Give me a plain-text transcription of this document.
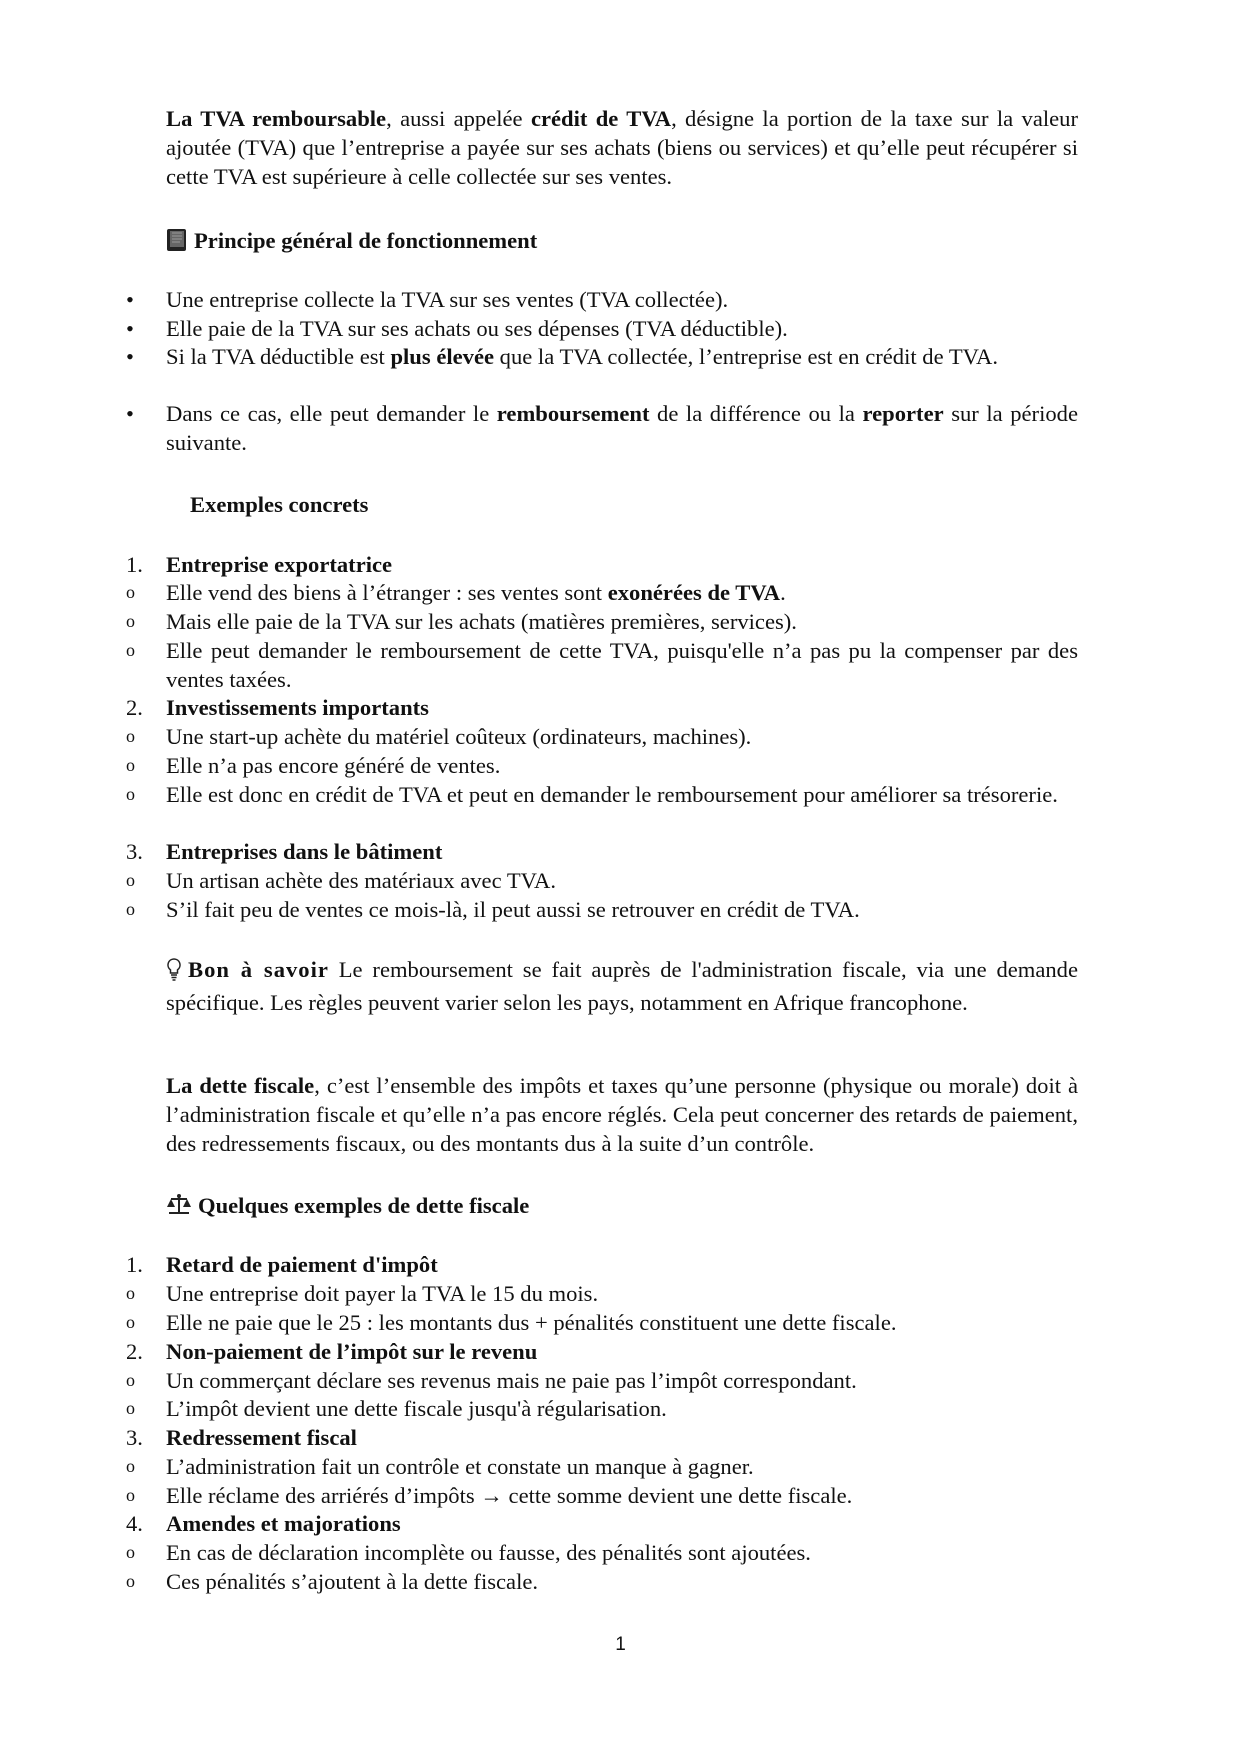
La TVA remboursable, aussi appelée crédit de TVA, désigne la portion de la taxe sur la valeur ajoutée (TVA) que l’entreprise a payée sur ses achats (biens ou services) et qu’elle peut récupérer si cette TVA est supérieure à celle collectée sur ses ventes.

Principe général de fonctionnement

•	Une entreprise collecte la TVA sur ses ventes (TVA collectée).

•	Elle paie de la TVA sur ses achats ou ses dépenses (TVA déductible).

•	Si la TVA déductible est plus élevée que la TVA collectée, l’entreprise est en crédit de TVA.

•	Dans ce cas, elle peut demander le remboursement de la différence ou la reporter sur la période suivante.

Exemples concrets

1.	Entreprise exportatrice

o	Elle vend des biens à l’étranger : ses ventes sont exonérées de TVA.

o	Mais elle paie de la TVA sur les achats (matières premières, services).

o	Elle peut demander le remboursement de cette TVA, puisqu'elle n’a pas pu la compenser par des ventes taxées.

2.	Investissements importants

o	Une start-up achète du matériel coûteux (ordinateurs, machines).

o	Elle n’a pas encore généré de ventes.

o	Elle est donc en crédit de TVA et peut en demander le remboursement pour améliorer sa trésorerie.

3.	Entreprises dans le bâtiment

o	Un artisan achète des matériaux avec TVA.

o	S’il fait peu de ventes ce mois-là, il peut aussi se retrouver en crédit de TVA.

Bon à savoir Le remboursement se fait auprès de l'administration fiscale, via une demande spécifique. Les règles peuvent varier selon les pays, notamment en Afrique francophone.

La dette fiscale, c’est l’ensemble des impôts et taxes qu’une personne (physique ou morale) doit à l’administration fiscale et qu’elle n’a pas encore réglés. Cela peut concerner des retards de paiement, des redressements fiscaux, ou des montants dus à la suite d’un contrôle.

Quelques exemples de dette fiscale

1.	Retard de paiement d'impôt

o	Une entreprise doit payer la TVA le 15 du mois.

o	Elle ne paie que le 25 : les montants dus + pénalités constituent une dette fiscale.

2.	Non-paiement de l’impôt sur le revenu

o	Un commerçant déclare ses revenus mais ne paie pas l’impôt correspondant.

o	L’impôt devient une dette fiscale jusqu'à régularisation.

3.	Redressement fiscal

o	L’administration fait un contrôle et constate un manque à gagner.

o	Elle réclame des arriérés d’impôts → cette somme devient une dette fiscale.

4.	Amendes et majorations

o	En cas de déclaration incomplète ou fausse, des pénalités sont ajoutées.

o	Ces pénalités s’ajoutent à la dette fiscale.

1
